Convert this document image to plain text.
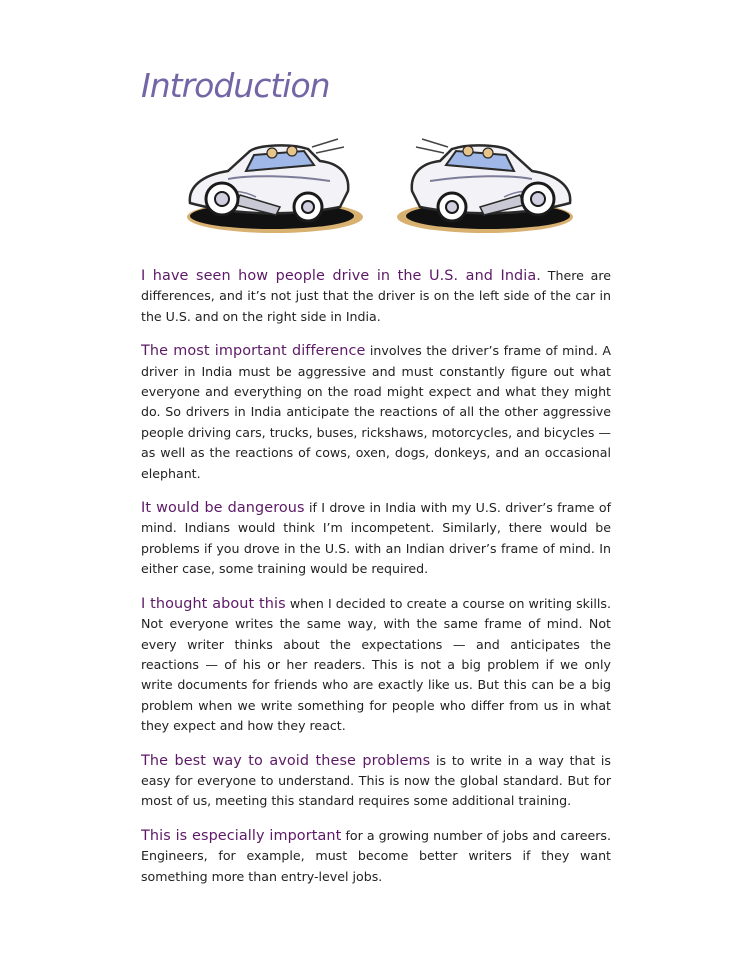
Introduction

I have seen how people drive in the U.S. and India. There are differences, and it’s not just that the driver is on the left side of the car in the U.S. and on the right side in India.

The most important difference involves the driver’s frame of mind. A driver in India must be aggressive and must constantly figure out what everyone and everything on the road might expect and what they might do. So drivers in India anticipate the reactions of all the other aggressive people driving cars, trucks, buses, rickshaws, motorcycles, and bicycles — as well as the reactions of cows, oxen, dogs, donkeys, and an occasional elephant.

It would be dangerous if I drove in India with my U.S. driver’s frame of mind. Indians would think I’m incompetent. Similarly, there would be problems if you drove in the U.S. with an Indian driver’s frame of mind. In either case, some training would be required.

I thought about this when I decided to create a course on writing skills. Not everyone writes the same way, with the same frame of mind. Not every writer thinks about the expectations — and anticipates the reactions — of his or her readers. This is not a big problem if we only write documents for friends who are exactly like us. But this can be a big problem when we write something for people who differ from us in what they expect and how they react.

The best way to avoid these problems is to write in a way that is easy for everyone to understand. This is now the global standard. But for most of us, meeting this standard requires some additional training.

This is especially important for a growing number of jobs and careers. Engineers, for example, must become better writers if they want something more than entry-level jobs.
